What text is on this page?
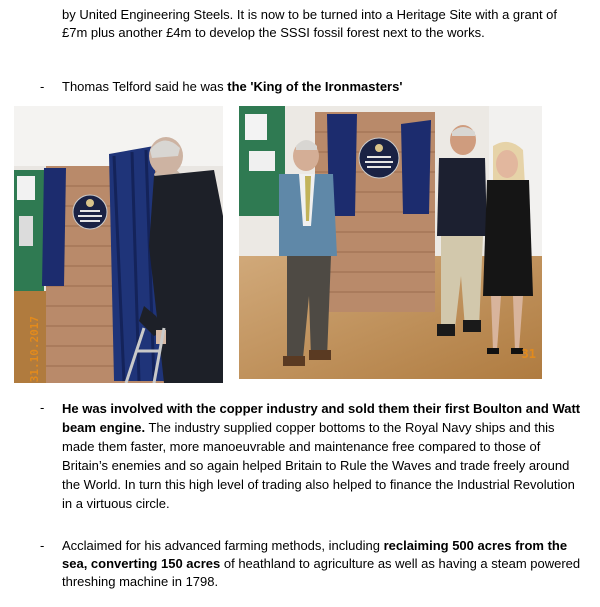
by United Engineering Steels. It is now to be turned into a Heritage Site with a grant of £7m plus another £4m to develop the SSSI fossil forest next to the works.
- Thomas Telford said he was the 'King of the Ironmasters'
31.10.2017	31
- He was involved with the copper industry and sold them their first Boulton and Watt beam engine. The industry supplied copper bottoms to the Royal Navy ships and this made them faster, more manoeuvrable and maintenance free compared to those of Britain’s enemies and so again helped Britain to Rule the Waves and trade freely around the World. In turn this high level of trading also helped to finance the Industrial Revolution in a virtuous circle.
- Acclaimed for his advanced farming methods, including reclaiming 500 acres from the sea, converting 150 acres of heathland to agriculture as well as having a steam powered threshing machine in 1798.
